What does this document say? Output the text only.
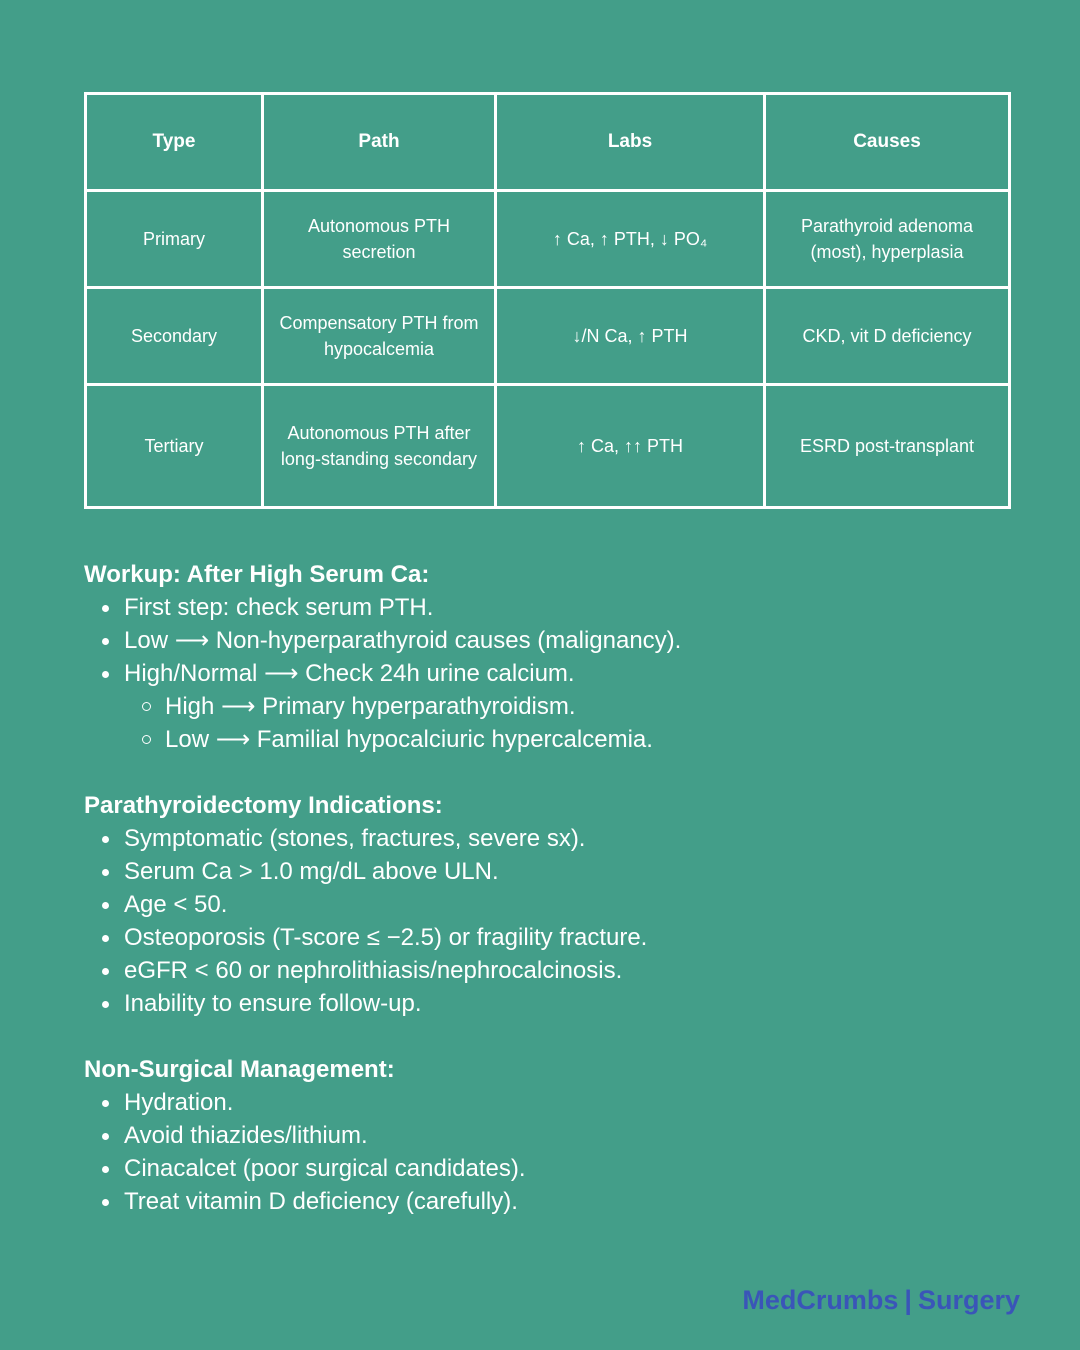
Type	Path	Labs	Causes
Primary	Autonomous PTH secretion	↑ Ca, ↑ PTH, ↓ PO₄	Parathyroid adenoma (most), hyperplasia
Secondary	Compensatory PTH from hypocalcemia	↓/N Ca, ↑ PTH	CKD, vit D deficiency
Tertiary	Autonomous PTH after long-standing secondary	↑ Ca, ↑↑ PTH	ESRD post-transplant
Workup: After High Serum Ca:
First step: check serum PTH.
Low ⟶ Non-hyperparathyroid causes (malignancy).
High/Normal ⟶ Check 24h urine calcium.
High ⟶ Primary hyperparathyroidism.
Low ⟶ Familial hypocalciuric hypercalcemia.
Parathyroidectomy Indications:
Symptomatic (stones, fractures, severe sx).
Serum Ca > 1.0 mg/dL above ULN.
Age < 50.
Osteoporosis (T-score ≤ −2.5) or fragility fracture.
eGFR < 60 or nephrolithiasis/nephrocalcinosis.
Inability to ensure follow-up.
Non-Surgical Management:
Hydration.
Avoid thiazides/lithium.
Cinacalcet (poor surgical candidates).
Treat vitamin D deficiency (carefully).
MedCrumbs | Surgery
